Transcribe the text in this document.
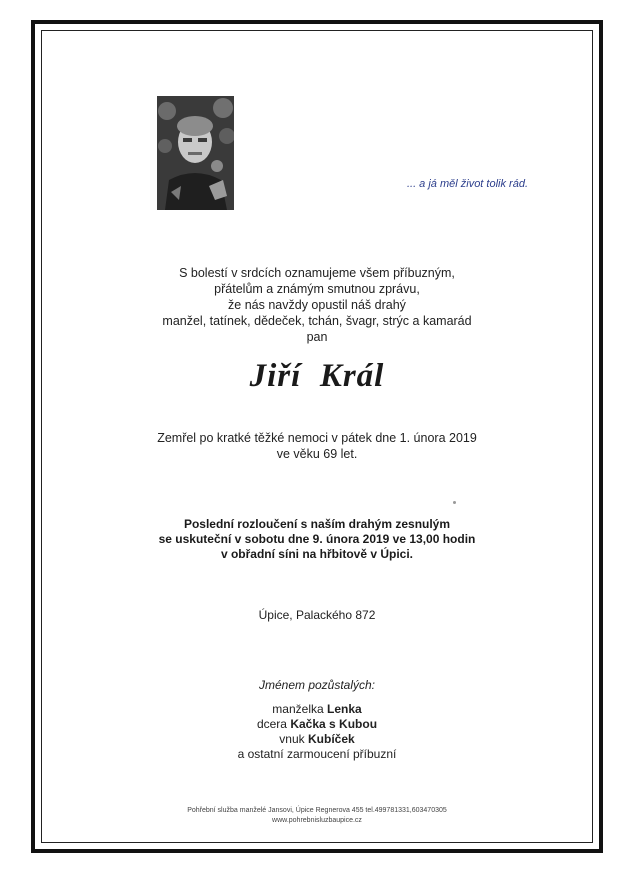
... a já měl život tolik rád.
S bolestí v srdcích oznamujeme všem příbuzným,
přátelům a známým smutnou zprávu,
že nás navždy opustil náš drahý
manžel, tatínek, dědeček, tchán, švagr, strýc a kamarád
pan
Jiří Král
Zemřel po kratké těžké nemoci v pátek dne 1. února 2019
ve věku 69 let.
Poslední rozloučení s naším drahým zesnulým
se uskuteční v sobotu dne 9. února 2019 ve 13,00 hodin
v obřadní síni na hřbitově v Úpici.
Úpice, Palackého 872
Jménem pozůstalých:
manželka Lenka
dcera Kačka s Kubou
vnuk Kubíček
a ostatní zarmoucení příbuzní
Pohřební služba manželé Jansovi, Úpice Regnerova 455 tel.499781331,603470305
www.pohrebnisluzbaupice.cz
